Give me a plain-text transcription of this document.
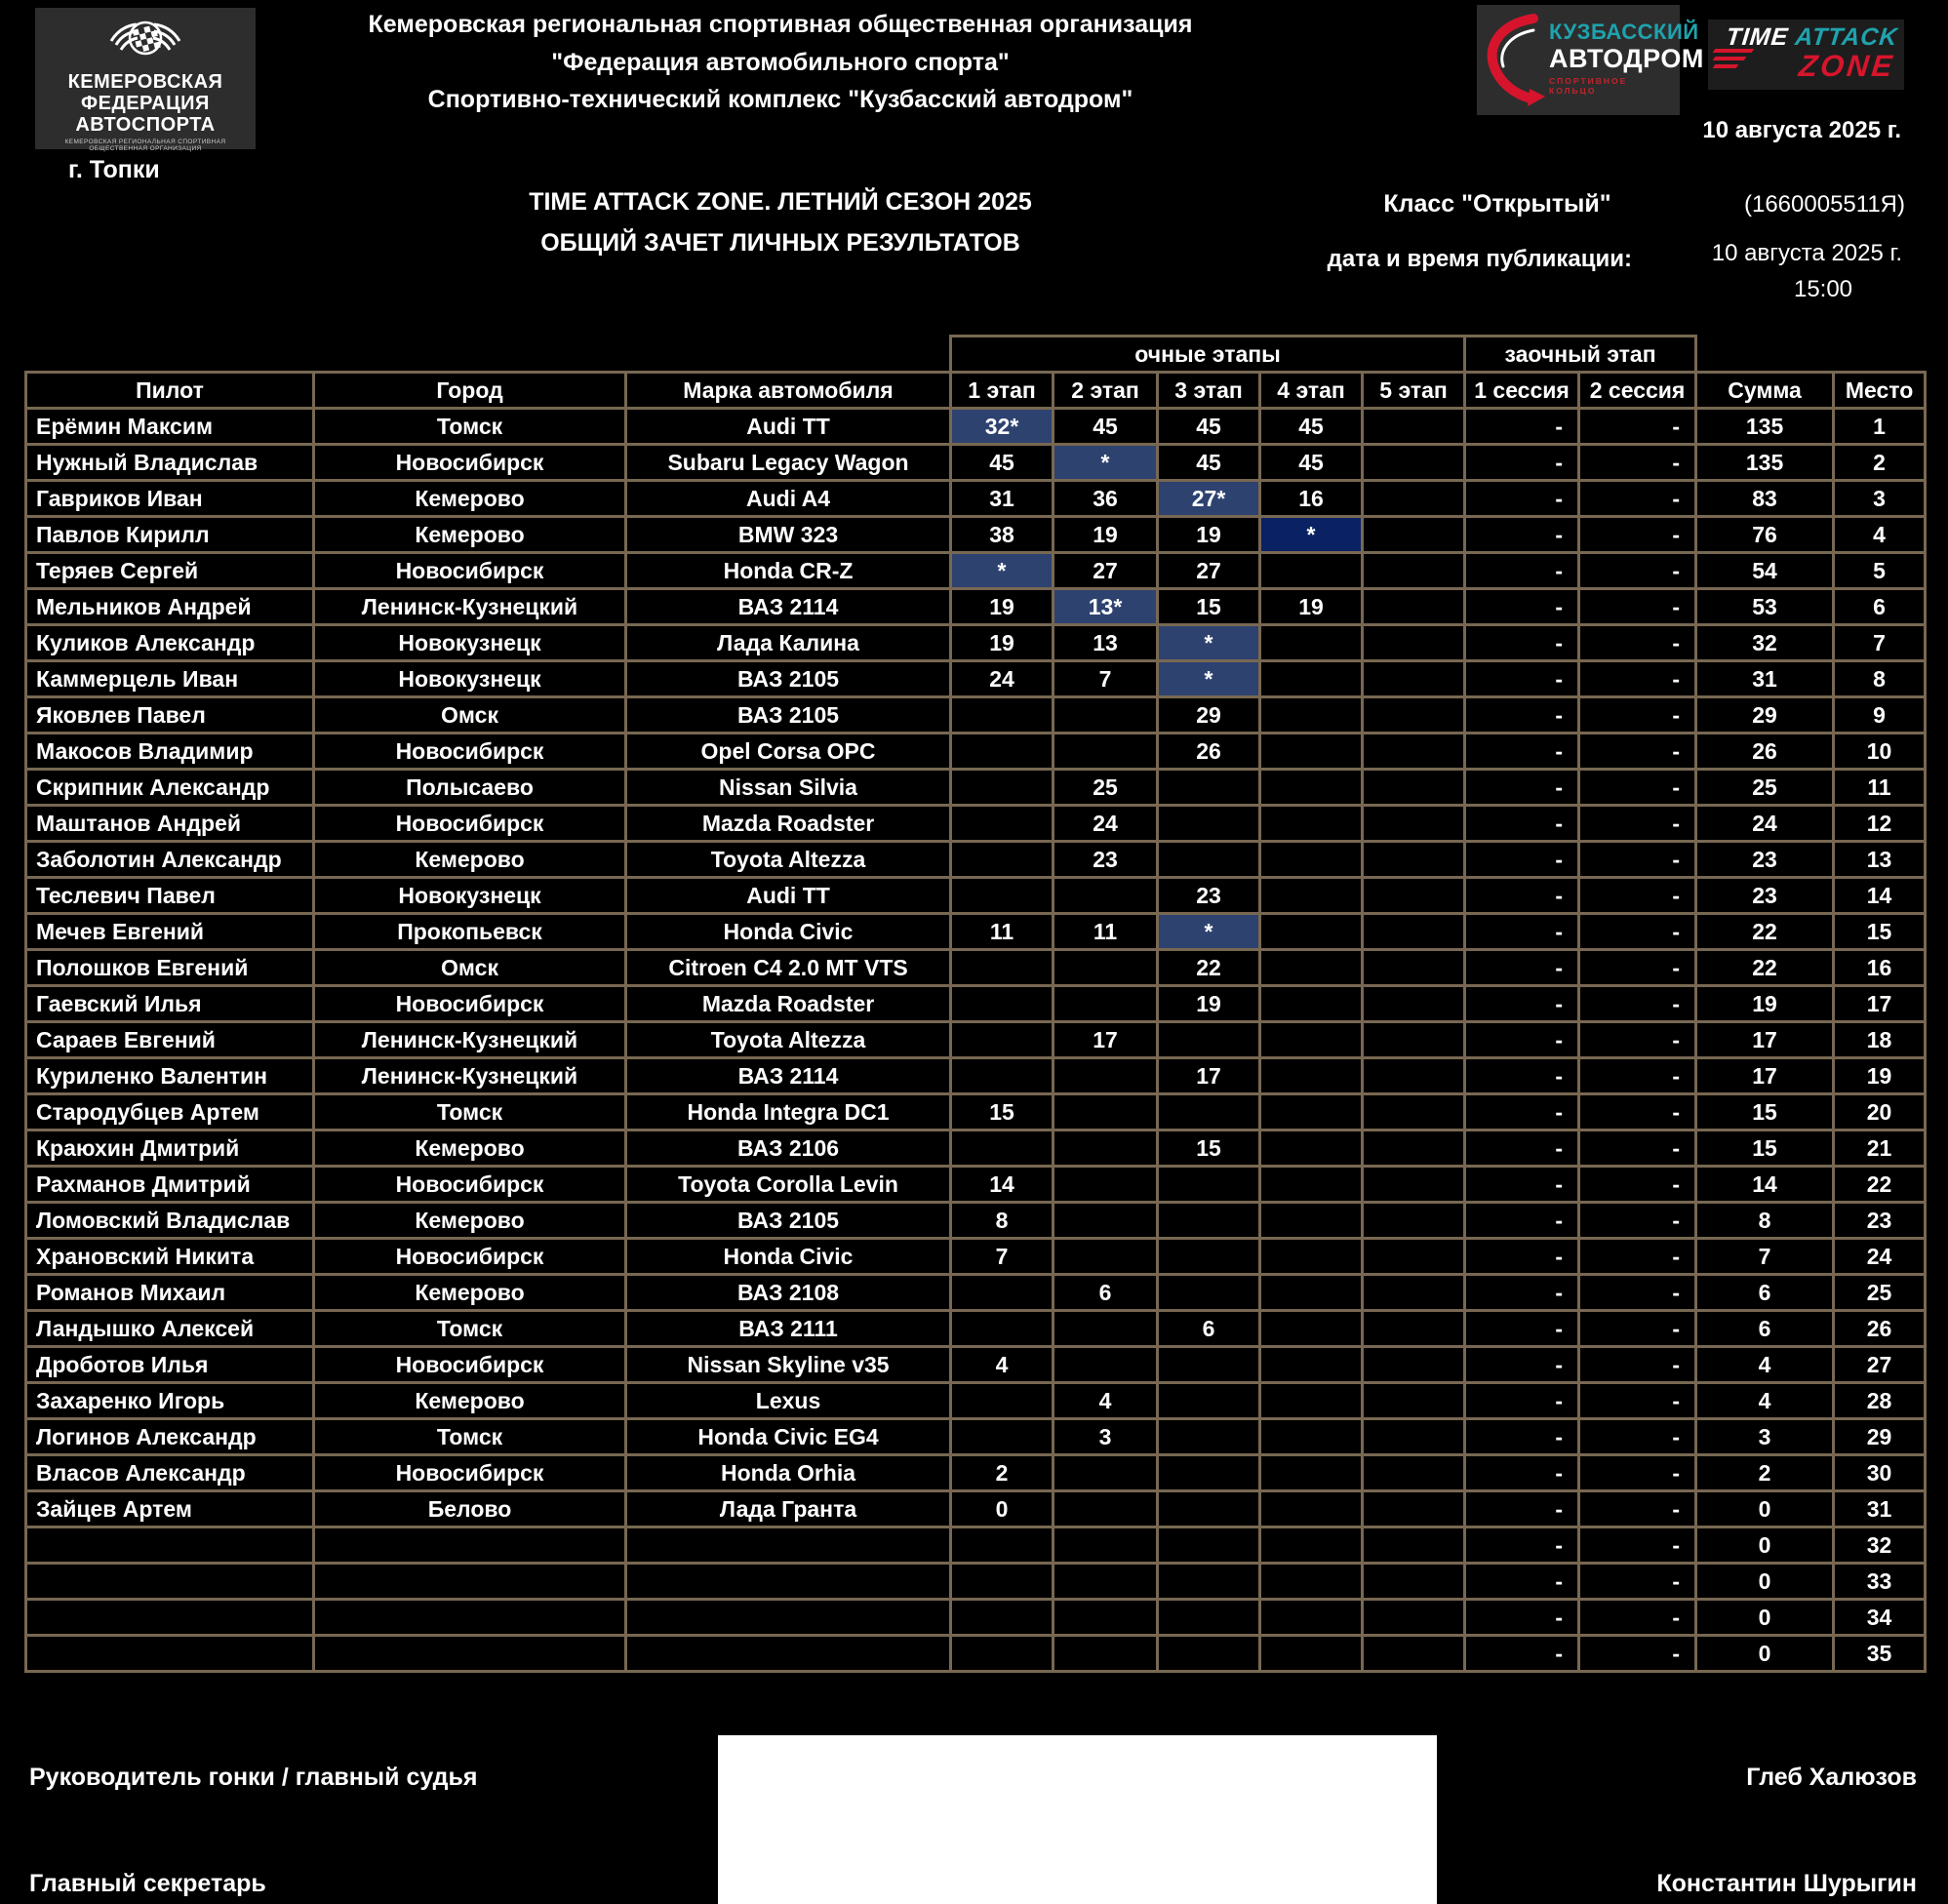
КЕМЕРОВСКАЯ
ФЕДЕРАЦИЯ АВТОСПОРТА
КЕМЕРОВСКАЯ РЕГИОНАЛЬНАЯ СПОРТИВНАЯ ОБЩЕСТВЕННАЯ ОРГАНИЗАЦИЯ
г. Топки
Кемеровская региональная спортивная общественная организация
"Федерация автомобильного спорта"
Спортивно-технический комплекс "Кузбасский автодром"
КУЗБАССКИЙ
АВТОДРОМ
СПОРТИВНОЕ КОЛЬЦО
TIME ATTACK
ZONE
10 августа 2025 г.
TIME ATTACK ZONE. ЛЕТНИЙ СЕЗОН 2025
ОБЩИЙ ЗАЧЕТ ЛИЧНЫХ РЕЗУЛЬТАТОВ
Класс "Открытый"	(1660005511Я)
дата и время публикации:	10 августа 2025 г.
15:00
			очные этапы					заочный этап			
Пилот	Город	Марка автомобиля	1 этап	2 этап	3 этап	4 этап	5 этап	1 сессия	2 сессия	Сумма	Место
Ерёмин Максим	Томск	Audi TT	32*	45	45	45		-	-	135	1
Нужный Владислав	Новосибирск	Subaru Legacy Wagon	45	*	45	45		-	-	135	2
Гавриков Иван	Кемерово	Audi A4	31	36	27*	16		-	-	83	3
Павлов Кирилл	Кемерово	BMW 323	38	19	19	*		-	-	76	4
Теряев Сергей	Новосибирск	Honda CR-Z	*	27	27			-	-	54	5
Мельников Андрей	Ленинск-Кузнецкий	ВАЗ 2114	19	13*	15	19		-	-	53	6
Куликов Александр	Новокузнецк	Лада Калина	19	13	*			-	-	32	7
Каммерцель Иван	Новокузнецк	ВАЗ 2105	24	7	*			-	-	31	8
Яковлев Павел	Омск	ВАЗ 2105			29			-	-	29	9
Макосов Владимир	Новосибирск	Opel Corsa OPC			26			-	-	26	10
Скрипник Александр	Полысаево	Nissan Silvia		25				-	-	25	11
Маштанов Андрей	Новосибирск	Mazda Roadster		24				-	-	24	12
Заболотин Александр	Кемерово	Toyota Altezza		23				-	-	23	13
Теслевич Павел	Новокузнецк	Audi TT			23			-	-	23	14
Мечев Евгений	Прокопьевск	Honda Civic	11	11	*			-	-	22	15
Полошков Евгений	Омск	Citroen C4 2.0 MT VTS			22			-	-	22	16
Гаевский Илья	Новосибирск	Mazda Roadster			19			-	-	19	17
Сараев Евгений	Ленинск-Кузнецкий	Toyota Altezza		17				-	-	17	18
Куриленко Валентин	Ленинск-Кузнецкий	ВАЗ 2114			17			-	-	17	19
Стародубцев Артем	Томск	Honda Integra DC1	15					-	-	15	20
Краюхин Дмитрий	Кемерово	ВАЗ 2106			15			-	-	15	21
Рахманов Дмитрий	Новосибирск	Toyota Corolla Levin	14					-	-	14	22
Ломовский Владислав	Кемерово	ВАЗ 2105	8					-	-	8	23
Храновский Никита	Новосибирск	Honda Civic	7					-	-	7	24
Романов Михаил	Кемерово	ВАЗ 2108		6				-	-	6	25
Ландышко Алексей	Томск	ВАЗ 2111			6			-	-	6	26
Дроботов Илья	Новосибирск	Nissan Skyline v35	4					-	-	4	27
Захаренко Игорь	Кемерово	Lexus		4				-	-	4	28
Логинов Александр	Томск	Honda Civic EG4		3				-	-	3	29
Власов Александр	Новосибирск	Honda Orhia	2					-	-	2	30
Зайцев Артем	Белово	Лада Гранта	0					-	-	0	31
								-	-	0	32
								-	-	0	33
								-	-	0	34
								-	-	0	35
Руководитель гонки / главный судья	Глеб Халюзов
Главный секретарь	Константин Шурыгин
